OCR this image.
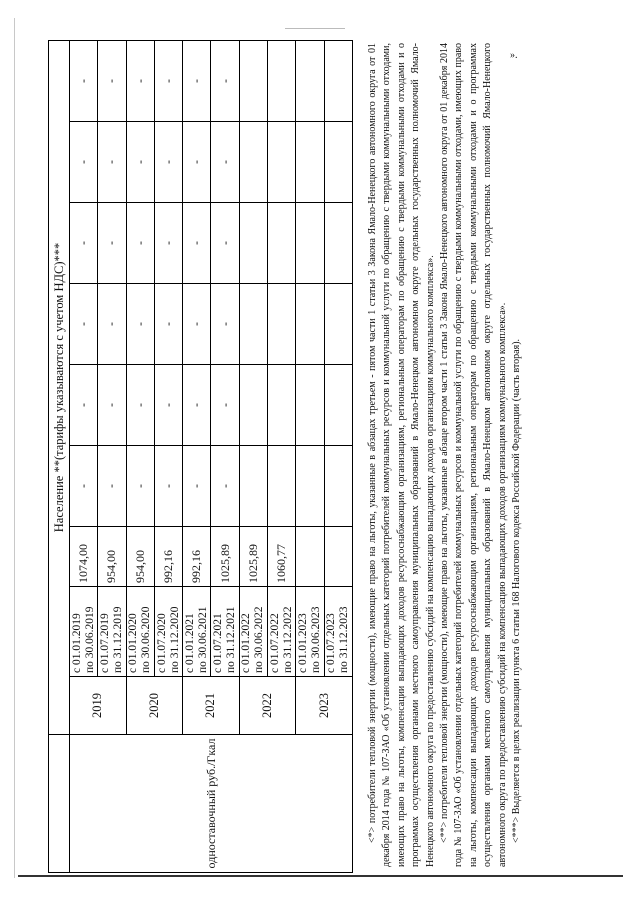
».
	Население **(тарифы указываются с учетом НДС)***								
одноставочный руб./Гкал	2019	с 01.01.2019 по 30.06.2019	1074,00	-	-	-	-	-	-

		с 01.07.2019 по 31.12.2019	954,00	-	-	-	-	-	-
	2020	с 01.01.2020 по 30.06.2020	954,00	-	-	-	-	-	-

		с 01.07.2020 по 31.12.2020	992,16	-	-	-	-	-	-
	2021	с 01.01.2021 по 30.06.2021	992,16	-	-	-	-	-	-

		с 01.07.2021 по 31.12.2021	1025,89	-	-	-	-	-	-
	2022	с 01.01.2022 по 30.06.2022	1025,89						

		с 01.07.2022 по 31.12.2022	1060,77						
	2023	с 01.01.2023 по 30.06.2023							

		с 01.07.2023 по 31.12.2023							
							<*> потребители тепловой энергии (мощности), имеющие право на льготы, указанные в абзацах третьем - пятом части 1 статьи 3 Закона Ямало-Ненецкого автономного округа от 01 декабря 2014 года № 107-ЗАО «Об установлении отдельных категорий потребителей коммунальных ресурсов и коммунальной услуги по обращению с твердыми коммунальными отходами, имеющих право на льготы, компенсации выпадающих доходов ресурсоснабжающим организациям, региональным операторам по обращению с твердыми коммунальными отходами и о программах осуществления органами местного самоуправления муниципальных образований в Ямало-Ненецком автономном округе отдельных государственных полномочий Ямало-Ненецкого автономного округа по предоставлению субсидий на компенсацию выпадающих доходов организациям коммунального комплекса». <**> потребители тепловой энергии (мощности), имеющие право на льготы, указанные в абзаце втором части 1 статьи 3 Закона Ямало-Ненецкого автономного округа от 01 декабря 2014 года № 107-ЗАО «Об установлении отдельных категорий потребителей коммунальных ресурсов и коммунальной услуги по обращению с твердыми коммунальными отходами, имеющих право на льготы, компенсации выпадающих доходов ресурсоснабжающим организациям, региональным операторам по обращению с твердыми коммунальными отходами и о программах осуществления органами местного самоуправления муниципальных образований в Ямало-Ненецком автономном округе отдельных государственных полномочий Ямало-Ненецкого автономного округа по предоставлению субсидий на компенсацию выпадающих доходов организациям коммунального комплекса». <***> Выделяется в целях реализации пункта 6 статьи 168 Налогового кодекса Российской Федерации (часть вторая).
